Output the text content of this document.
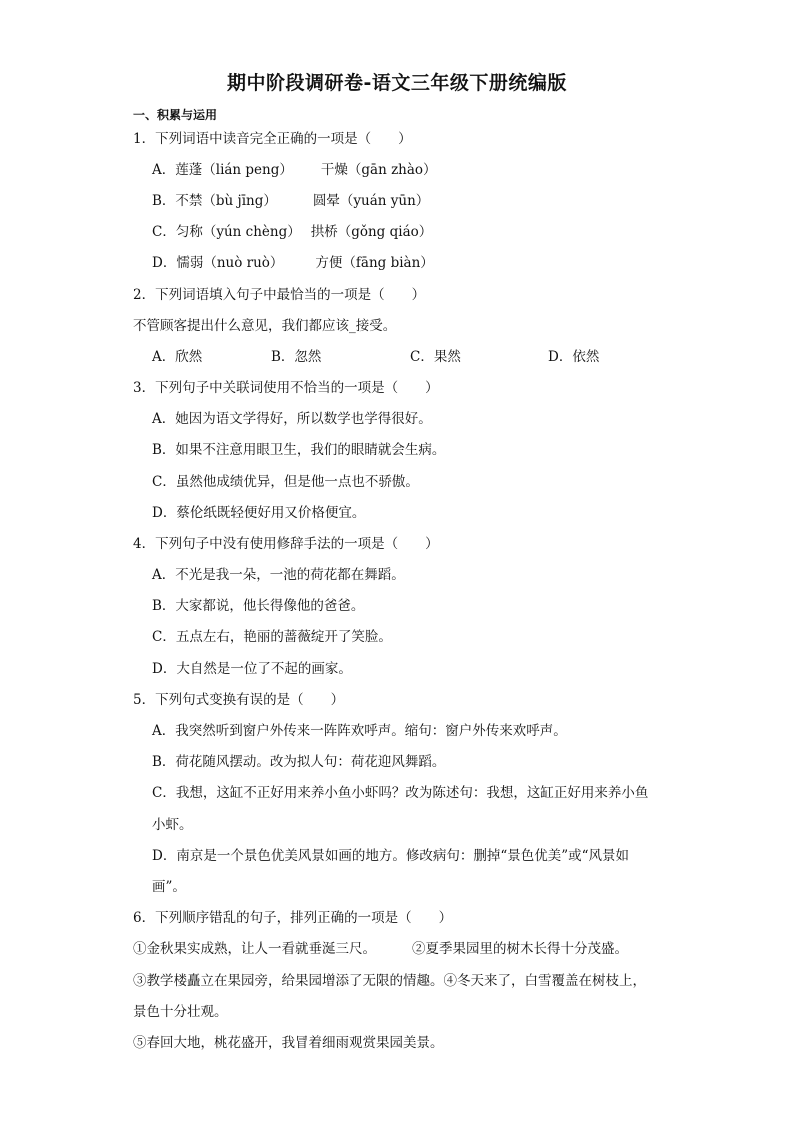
期中阶段调研卷-语文三年级下册统编版
一、积累与运用
1．下列词语中读音完全正确的一项是（　　）
A．莲蓬（lián peng） 干燥（gān zhào）
B．不禁（bù jīng）	圆晕（yuán yūn）
C．匀称（yún chèng） 拱桥（gǒng qiáo）
D．懦弱（nuò ruò） 方便（fāng biàn）
2．下列词语填入句子中最恰当的一项是（　　）
不管顾客提出什么意见，我们都应该_接受。
A．欣然	B．忽然	C．果然	D．依然
3．下列句子中关联词使用不恰当的一项是（　　）
A．她因为语文学得好，所以数学也学得很好。
B．如果不注意用眼卫生，我们的眼睛就会生病。
C．虽然他成绩优异，但是他一点也不骄傲。
D．蔡伦纸既轻便好用又价格便宜。
4．下列句子中没有使用修辞手法的一项是（　　）
A．不光是我一朵，一池的荷花都在舞蹈。
B．大家都说，他长得像他的爸爸。
C．五点左右，艳丽的蔷薇绽开了笑脸。
D．大自然是一位了不起的画家。
5．下列句式变换有误的是（　　）
A．我突然听到窗户外传来一阵阵欢呼声。缩句：窗户外传来欢呼声。
B．荷花随风摆动。改为拟人句：荷花迎风舞蹈。
C．我想，这缸不正好用来养小鱼小虾吗？改为陈述句：我想，这缸正好用来养小鱼
小虾。
D．南京是一个景色优美风景如画的地方。修改病句：删掉“景色优美”或“风景如
画”。
6．下列顺序错乱的句子，排列正确的一项是（　　）
①金秋果实成熟，让人一看就垂涎三尺。	②夏季果园里的树木长得十分茂盛。
③教学楼矗立在果园旁，给果园增添了无限的情趣。④冬天来了，白雪覆盖在树枝上，
景色十分壮观。
⑤春回大地，桃花盛开，我冒着细雨观赏果园美景。
